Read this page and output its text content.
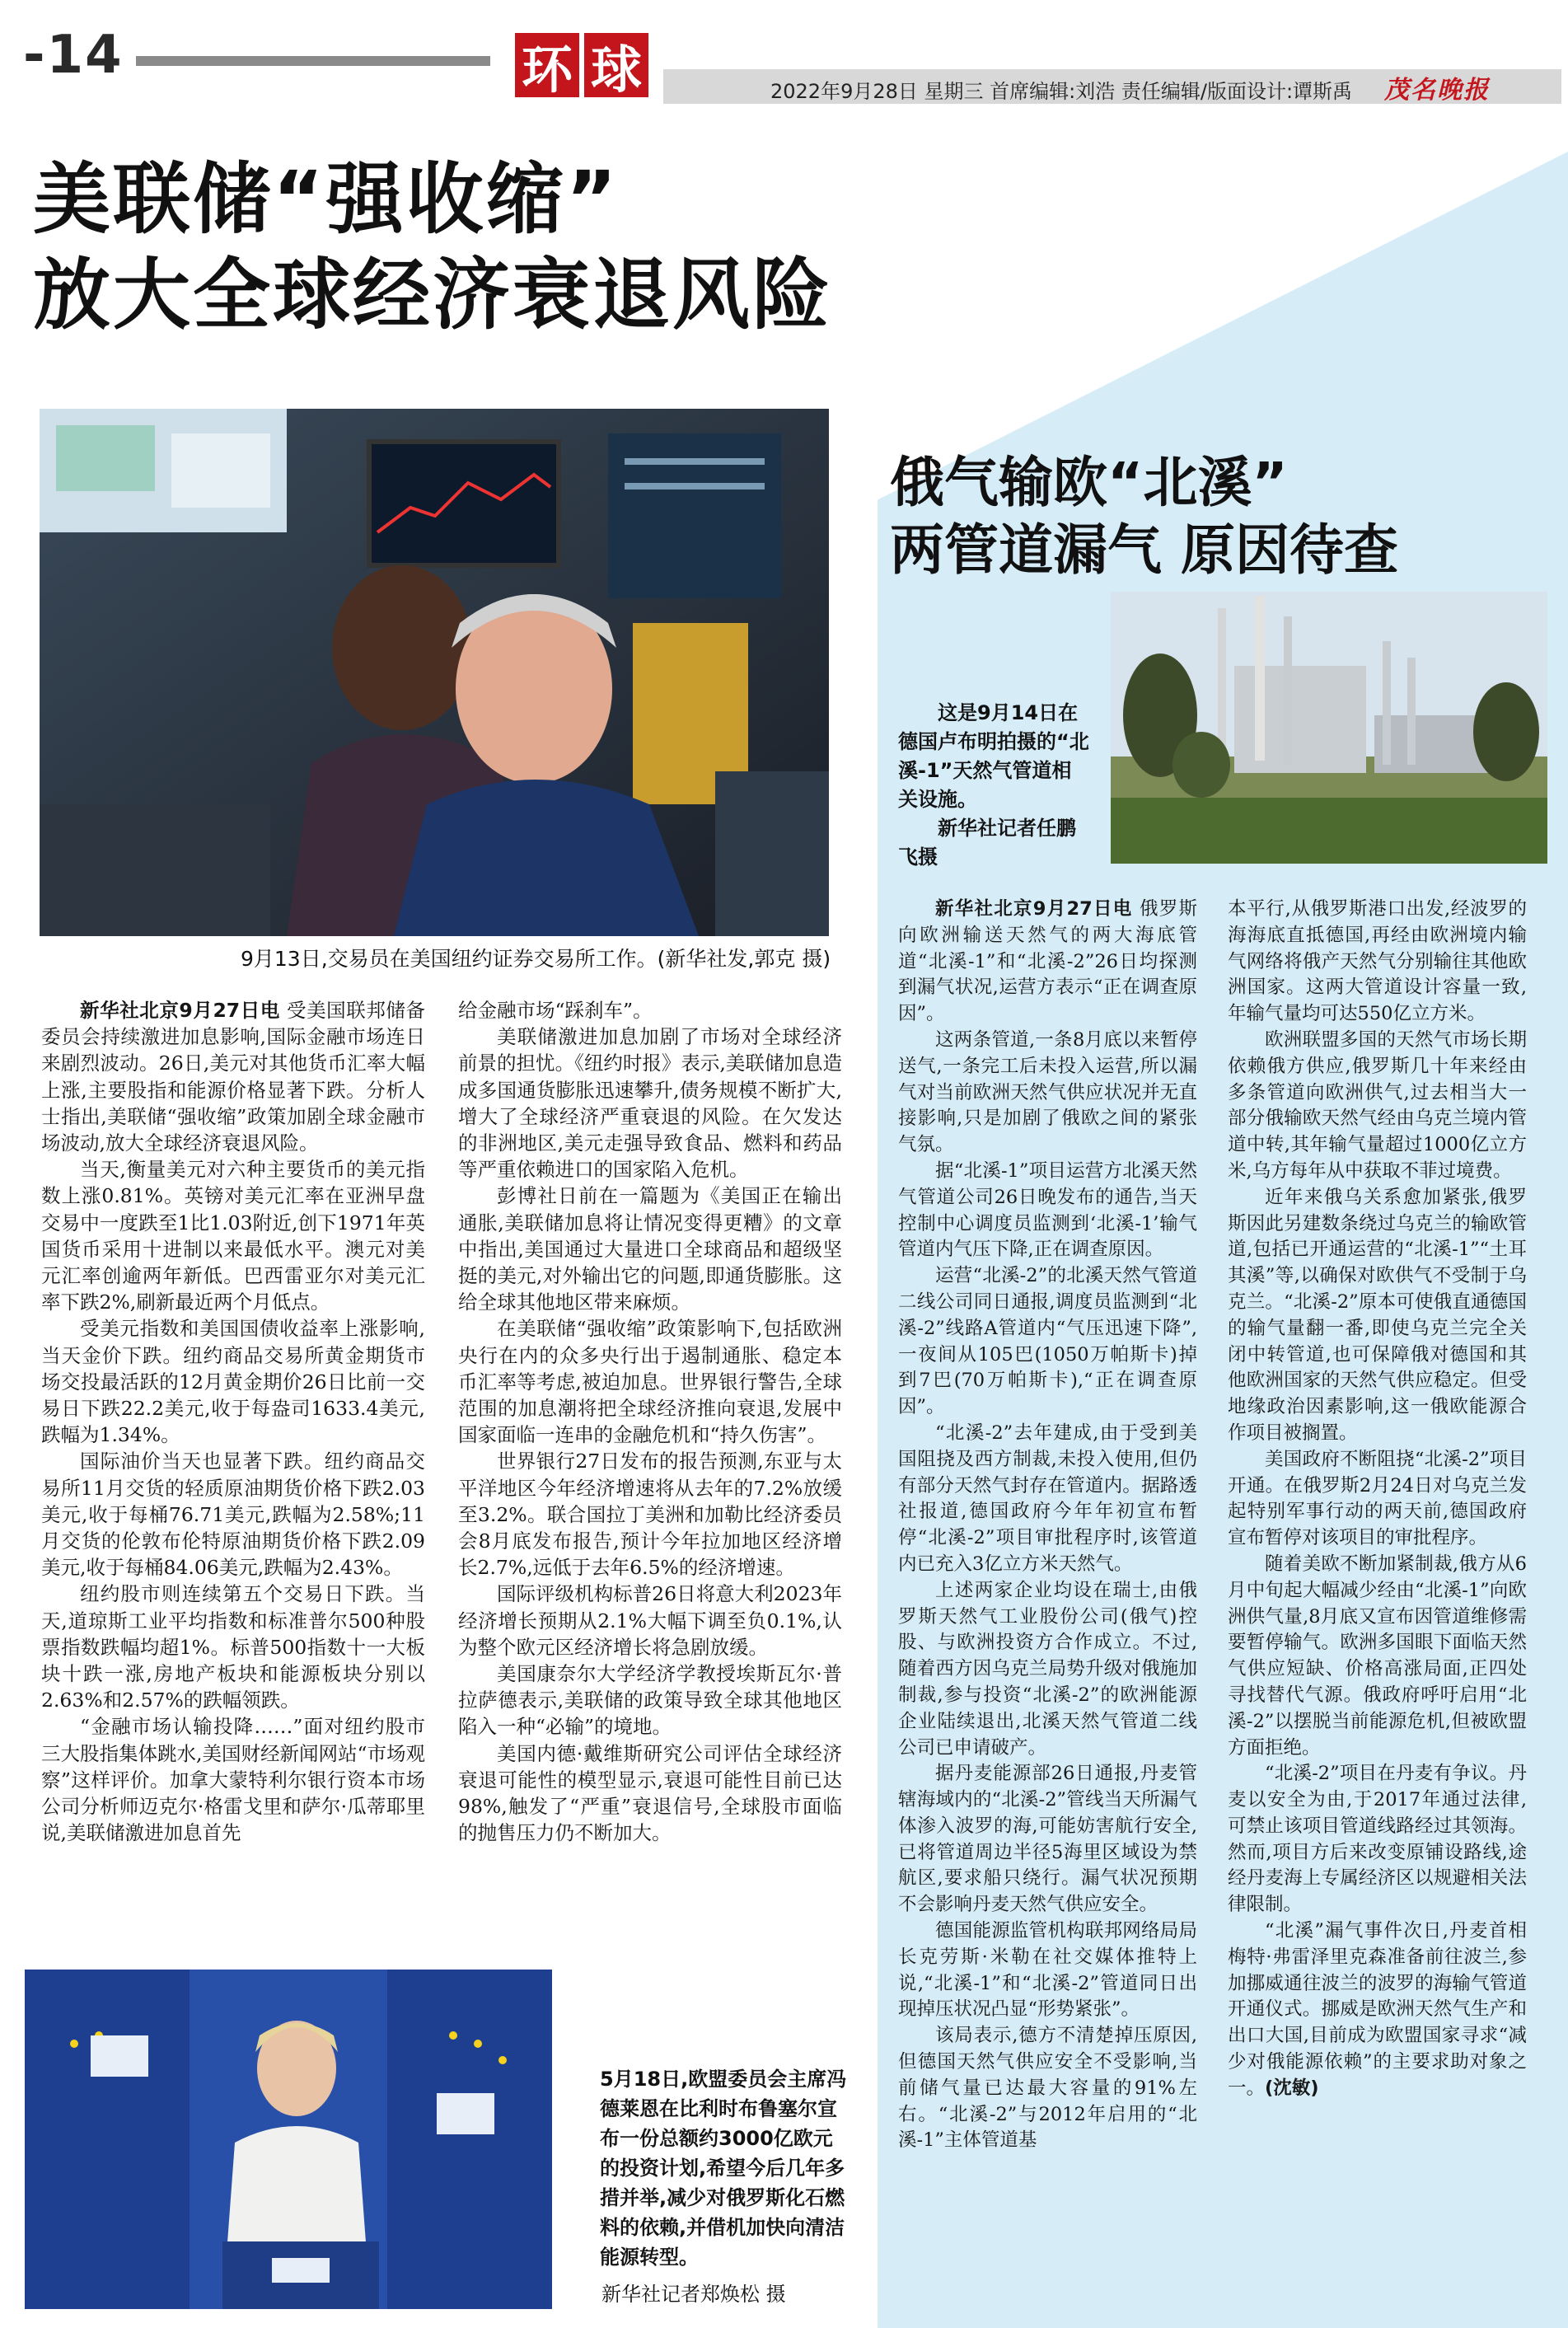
-14	环 球	2022年9月28日 星期三 首席编辑:刘浩 责任编辑/版面设计:谭斯禹	茂名晚报
美联储“强收缩”
放大全球经济衰退风险
9月13日,交易员在美国纽约证券交易所工作。(新华社发,郭克 摄)

新华社北京9月27日电 受美国联邦储备委员会持续激进加息影响,国际金融市场连日来剧烈波动。26日,美元对其他货币汇率大幅上涨,主要股指和能源价格显著下跌。分析人士指出,美联储“强收缩”政策加剧全球金融市场波动,放大全球经济衰退风险。

当天,衡量美元对六种主要货币的美元指数上涨0.81%。英镑对美元汇率在亚洲早盘交易中一度跌至1比1.03附近,创下1971年英国货币采用十进制以来最低水平。澳元对美元汇率创逾两年新低。巴西雷亚尔对美元汇率下跌2%,刷新最近两个月低点。

受美元指数和美国国债收益率上涨影响,当天金价下跌。纽约商品交易所黄金期货市场交投最活跃的12月黄金期价26日比前一交易日下跌22.2美元,收于每盎司1633.4美元,跌幅为1.34%。

国际油价当天也显著下跌。纽约商品交易所11月交货的轻质原油期货价格下跌2.03美元,收于每桶76.71美元,跌幅为2.58%;11月交货的伦敦布伦特原油期货价格下跌2.09美元,收于每桶84.06美元,跌幅为2.43%。

纽约股市则连续第五个交易日下跌。当天,道琼斯工业平均指数和标准普尔500种股票指数跌幅均超1%。标普500指数十一大板块十跌一涨,房地产板块和能源板块分别以2.63%和2.57%的跌幅领跌。

“金融市场认输投降……”面对纽约股市三大股指集体跳水,美国财经新闻网站“市场观察”这样评价。加拿大蒙特利尔银行资本市场公司分析师迈克尔·格雷戈里和萨尔·瓜蒂耶里说,美联储激进加息首先

给金融市场“踩刹车”。

美联储激进加息加剧了市场对全球经济前景的担忧。《纽约时报》表示,美联储加息造成多国通货膨胀迅速攀升,债务规模不断扩大,增大了全球经济严重衰退的风险。在欠发达的非洲地区,美元走强导致食品、燃料和药品等严重依赖进口的国家陷入危机。

彭博社日前在一篇题为《美国正在输出通胀,美联储加息将让情况变得更糟》的文章中指出,美国通过大量进口全球商品和超级坚挺的美元,对外输出它的问题,即通货膨胀。这给全球其他地区带来麻烦。

在美联储“强收缩”政策影响下,包括欧洲央行在内的众多央行出于遏制通胀、稳定本币汇率等考虑,被迫加息。世界银行警告,全球范围的加息潮将把全球经济推向衰退,发展中国家面临一连串的金融危机和“持久伤害”。

世界银行27日发布的报告预测,东亚与太平洋地区今年经济增速将从去年的7.2%放缓至3.2%。联合国拉丁美洲和加勒比经济委员会8月底发布报告,预计今年拉加地区经济增长2.7%,远低于去年6.5%的经济增速。

国际评级机构标普26日将意大利2023年经济增长预期从2.1%大幅下调至负0.1%,认为整个欧元区经济增长将急剧放缓。

美国康奈尔大学经济学教授埃斯瓦尔·普拉萨德表示,美联储的政策导致全球其他地区陷入一种“必输”的境地。

美国内德·戴维斯研究公司评估全球经济衰退可能性的模型显示,衰退可能性目前已达98%,触发了“严重”衰退信号,全球股市面临的抛售压力仍不断加大。

5月18日,欧盟委员会主席冯德莱恩在比利时布鲁塞尔宣布一份总额约3000亿欧元的投资计划,希望今后几年多措并举,减少对俄罗斯化石燃料的依赖,并借机加快向清洁能源转型。
新华社记者郑焕松 摄
俄气输欧“北溪”
两管道漏气 原因待查
这是9月14日在德国卢布明拍摄的“北溪-1”天然气管道相关设施。
新华社记者任鹏飞摄

新华社北京9月27日电 俄罗斯向欧洲输送天然气的两大海底管道“北溪-1”和“北溪-2”26日均探测到漏气状况,运营方表示“正在调查原因”。

这两条管道,一条8月底以来暂停送气,一条完工后未投入运营,所以漏气对当前欧洲天然气供应状况并无直接影响,只是加剧了俄欧之间的紧张气氛。

据“北溪-1”项目运营方北溪天然气管道公司26日晚发布的通告,当天控制中心调度员监测到‘北溪-1’输气管道内气压下降,正在调查原因。

运营“北溪-2”的北溪天然气管道二线公司同日通报,调度员监测到“北溪-2”线路A管道内“气压迅速下降”,一夜间从105巴(1050万帕斯卡)掉到7巴(70万帕斯卡),“正在调查原因”。

“北溪-2”去年建成,由于受到美国阻挠及西方制裁,未投入使用,但仍有部分天然气封存在管道内。据路透社报道,德国政府今年年初宣布暂停“北溪-2”项目审批程序时,该管道内已充入3亿立方米天然气。

上述两家企业均设在瑞士,由俄罗斯天然气工业股份公司(俄气)控股、与欧洲投资方合作成立。不过,随着西方因乌克兰局势升级对俄施加制裁,参与投资“北溪-2”的欧洲能源企业陆续退出,北溪天然气管道二线公司已申请破产。

据丹麦能源部26日通报,丹麦管辖海域内的“北溪-2”管线当天所漏气体渗入波罗的海,可能妨害航行安全,已将管道周边半径5海里区域设为禁航区,要求船只绕行。漏气状况预期不会影响丹麦天然气供应安全。

德国能源监管机构联邦网络局局长克劳斯·米勒在社交媒体推特上说,“北溪-1”和“北溪-2”管道同日出现掉压状况凸显“形势紧张”。

该局表示,德方不清楚掉压原因,但德国天然气供应安全不受影响,当前储气量已达最大容量的91%左右。“北溪-2”与2012年启用的“北溪-1”主体管道基

本平行,从俄罗斯港口出发,经波罗的海海底直抵德国,再经由欧洲境内输气网络将俄产天然气分别输往其他欧洲国家。这两大管道设计容量一致,年输气量均可达550亿立方米。

欧洲联盟多国的天然气市场长期依赖俄方供应,俄罗斯几十年来经由多条管道向欧洲供气,过去相当大一部分俄输欧天然气经由乌克兰境内管道中转,其年输气量超过1000亿立方米,乌方每年从中获取不菲过境费。

近年来俄乌关系愈加紧张,俄罗斯因此另建数条绕过乌克兰的输欧管道,包括已开通运营的“北溪-1”“土耳其溪”等,以确保对欧供气不受制于乌克兰。“北溪-2”原本可使俄直通德国的输气量翻一番,即使乌克兰完全关闭中转管道,也可保障俄对德国和其他欧洲国家的天然气供应稳定。但受地缘政治因素影响,这一俄欧能源合作项目被搁置。

美国政府不断阻挠“北溪-2”项目开通。在俄罗斯2月24日对乌克兰发起特别军事行动的两天前,德国政府宣布暂停对该项目的审批程序。

随着美欧不断加紧制裁,俄方从6月中旬起大幅减少经由“北溪-1”向欧洲供气量,8月底又宣布因管道维修需要暂停输气。欧洲多国眼下面临天然气供应短缺、价格高涨局面,正四处寻找替代气源。俄政府呼吁启用“北溪-2”以摆脱当前能源危机,但被欧盟方面拒绝。

“北溪-2”项目在丹麦有争议。丹麦以安全为由,于2017年通过法律,可禁止该项目管道线路经过其领海。然而,项目方后来改变原铺设路线,途经丹麦海上专属经济区以规避相关法律限制。

“北溪”漏气事件次日,丹麦首相梅特·弗雷泽里克森准备前往波兰,参加挪威通往波兰的波罗的海输气管道开通仪式。挪威是欧洲天然气生产和出口大国,目前成为欧盟国家寻求“减少对俄能源依赖”的主要求助对象之一。(沈敏)
